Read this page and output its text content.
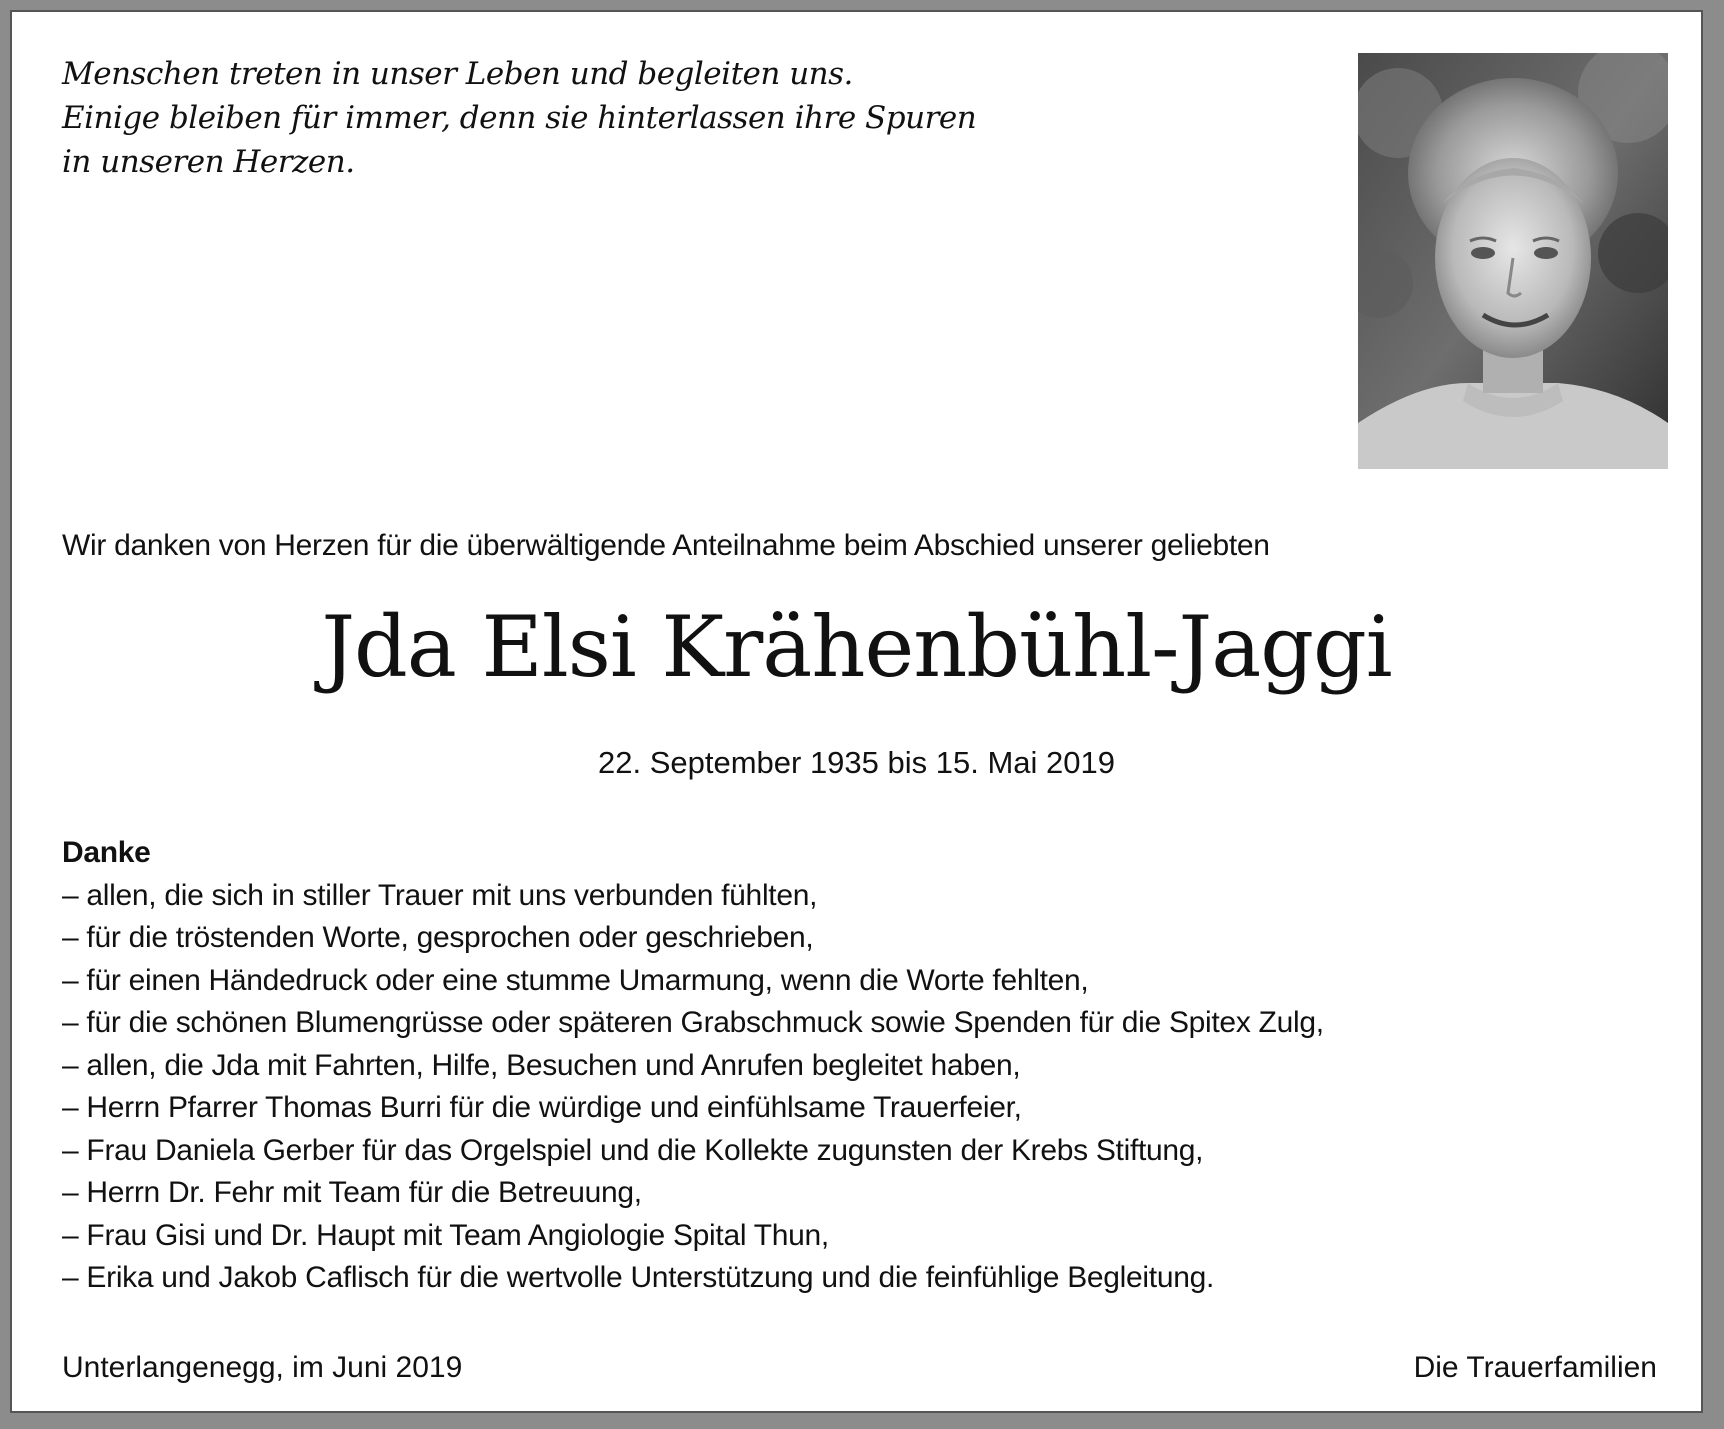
Menschen treten in unser Leben und begleiten uns.
Einige bleiben für immer, denn sie hinterlassen ihre Spuren
in unseren Herzen.
Wir danken von Herzen für die überwältigende Anteilnahme beim Abschied unserer geliebten
Jda Elsi Krähenbühl-Jaggi
22. September 1935 bis 15. Mai 2019
Danke
– allen, die sich in stiller Trauer mit uns verbunden fühlten,
– für die tröstenden Worte, gesprochen oder geschrieben,
– für einen Händedruck oder eine stumme Umarmung, wenn die Worte fehlten,
– für die schönen Blumengrüsse oder späteren Grabschmuck sowie Spenden für die Spitex Zulg,
– allen, die Jda mit Fahrten, Hilfe, Besuchen und Anrufen begleitet haben,
– Herrn Pfarrer Thomas Burri für die würdige und einfühlsame Trauerfeier,
– Frau Daniela Gerber für das Orgelspiel und die Kollekte zugunsten der Krebs Stiftung,
– Herrn Dr. Fehr mit Team für die Betreuung,
– Frau Gisi und Dr. Haupt mit Team Angiologie Spital Thun,
– Erika und Jakob Caflisch für die wertvolle Unterstützung und die feinfühlige Begleitung.
Unterlangenegg, im Juni 2019	Die Trauerfamilien
